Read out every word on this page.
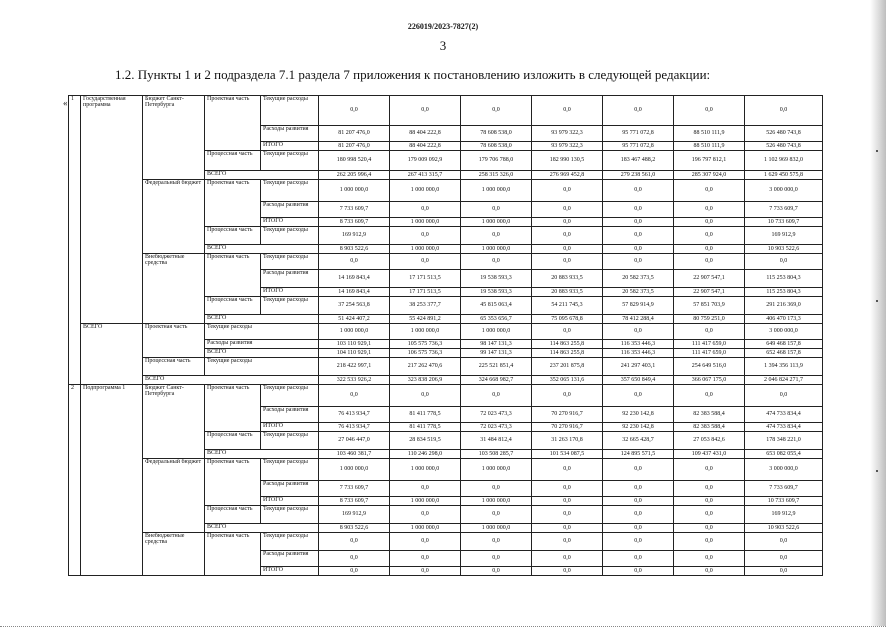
226019/2023-7827(2)
3
1.2. Пункты 1 и 2 подраздела 7.1 раздела 7 приложения к постановлению изложить в следующей редакции:
« 1	Государственная программа	Бюджет Санкт-Петербурга	Проектная часть	Текущие расходы	0,0	0,0	0,0	0,0	0,0	0,0	0,0
				Расходы развития	81 207 476,0	88 404 222,8	78 608 538,0	93 979 322,3	95 771 072,8	88 510 111,9	526 480 743,8
				ИТОГО	81 207 476,0	88 404 222,8	78 608 538,0	93 979 322,3	95 771 072,8	88 510 111,9	526 480 743,8
			Процессная часть	Текущие расходы	180 998 520,4	179 009 092,9	179 706 788,0	182 990 130,5	183 467 488,2	196 797 812,1	1 102 969 832,0
			ВСЕГО		262 205 996,4	267 413 315,7	258 315 326,0	276 969 452,8	279 238 561,0	285 307 924,0	1 629 450 575,8
		Федеральный бюджет	Проектная часть	Текущие расходы	1 000 000,0	1 000 000,0	1 000 000,0	0,0	0,0	0,0	3 000 000,0
				Расходы развития	7 733 609,7	0,0	0,0	0,0	0,0	0,0	7 733 609,7
				ИТОГО	8 733 609,7	1 000 000,0	1 000 000,0	0,0	0,0	0,0	10 733 609,7
			Процессная часть	Текущие расходы	169 912,9	0,0	0,0	0,0	0,0	0,0	169 912,9
			ВСЕГО		8 903 522,6	1 000 000,0	1 000 000,0	0,0	0,0	0,0	10 903 522,6
		Внебюджетные средства	Проектная часть	Текущие расходы	0,0	0,0	0,0	0,0	0,0	0,0	0,0
				Расходы развития	14 169 843,4	17 171 513,5	19 538 593,3	20 883 933,5	20 582 373,5	22 907 547,1	115 253 804,3
				ИТОГО	14 169 843,4	17 171 513,5	19 538 593,3	20 883 933,5	20 582 373,5	22 907 547,1	115 253 804,3
			Процессная часть	Текущие расходы	37 254 563,8	38 253 377,7	45 815 063,4	54 211 745,3	57 829 914,9	57 851 703,9	291 216 369,0
			ВСЕГО		51 424 407,2	55 424 891,2	65 353 656,7	75 095 678,8	78 412 288,4	80 759 251,0	406 470 173,3
	ВСЕГО	Проектная часть	Текущие расходы		1 000 000,0	1 000 000,0	1 000 000,0	0,0	0,0	0,0	3 000 000,0
			Расходы развития		103 110 929,1	105 575 736,3	98 147 131,3	114 863 255,8	116 353 446,3	111 417 659,0	649 468 157,8
			ВСЕГО		104 110 929,1	106 575 736,3	99 147 131,3	114 863 255,8	116 353 446,3	111 417 659,0	652 468 157,8
		Процессная часть	Текущие расходы		218 422 997,1	217 262 470,6	225 521 851,4	237 201 875,8	241 297 403,1	254 649 516,0	1 394 356 113,9
		ВСЕГО			322 533 926,2	323 838 206,9	324 668 982,7	352 065 131,6	357 650 849,4	366 067 175,0	2 046 824 271,7
2	Подпрограмма 1	Бюджет Санкт-Петербурга	Проектная часть	Текущие расходы	0,0	0,0	0,0	0,0	0,0	0,0	0,0
				Расходы развития	76 413 934,7	81 411 778,5	72 023 473,3	70 270 916,7	92 230 142,8	82 383 588,4	474 733 834,4
				ИТОГО	76 413 934,7	81 411 778,5	72 023 473,3	70 270 916,7	92 230 142,8	82 383 588,4	474 733 834,4
			Процессная часть	Текущие расходы	27 046 447,0	28 834 519,5	31 484 812,4	31 263 170,8	32 665 428,7	27 053 842,6	178 348 221,0
			ВСЕГО		103 460 381,7	110 246 298,0	103 508 285,7	101 534 087,5	124 895 571,5	109 437 431,0	653 082 055,4
		Федеральный бюджет	Проектная часть	Текущие расходы	1 000 000,0	1 000 000,0	1 000 000,0	0,0	0,0	0,0	3 000 000,0
				Расходы развития	7 733 609,7	0,0	0,0	0,0	0,0	0,0	7 733 609,7
				ИТОГО	8 733 609,7	1 000 000,0	1 000 000,0	0,0	0,0	0,0	10 733 609,7
			Процессная часть	Текущие расходы	169 912,9	0,0	0,0	0,0	0,0	0,0	169 912,9
			ВСЕГО		8 903 522,6	1 000 000,0	1 000 000,0	0,0	0,0	0,0	10 903 522,6
		Внебюджетные средства	Проектная часть	Текущие расходы	0,0	0,0	0,0	0,0	0,0	0,0	0,0
				Расходы развития	0,0	0,0	0,0	0,0	0,0	0,0	0,0
				ИТОГО	0,0	0,0	0,0	0,0	0,0	0,0	0,0
